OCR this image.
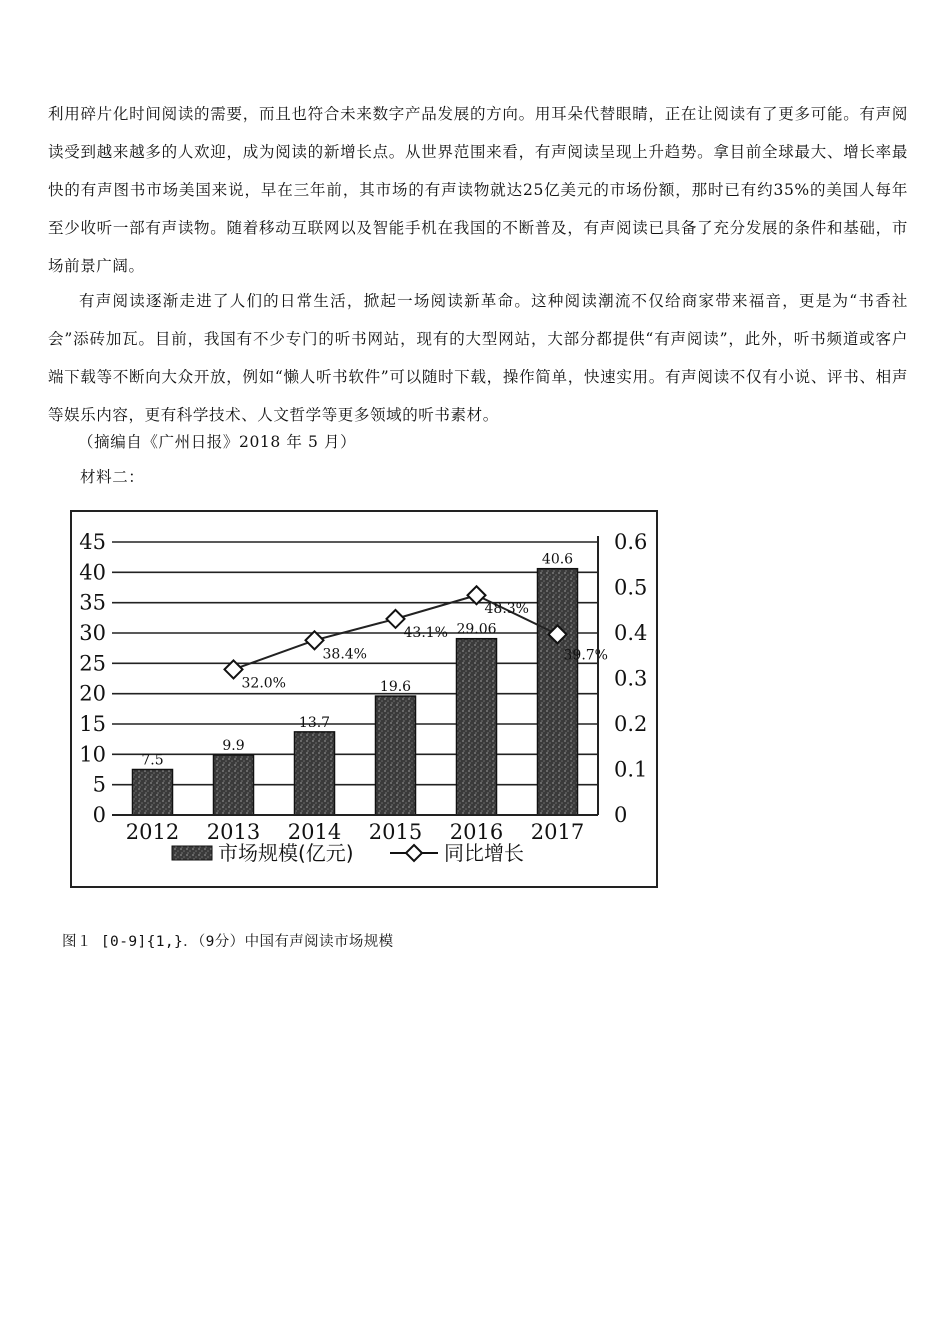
利用碎片化时间阅读的需要，而且也符合未来数字产品发展的方向。用耳朵代替眼睛，正在让阅读有了更多可能。有声阅读受到越来越多的人欢迎，成为阅读的新增长点。从世界范围来看，有声阅读呈现上升趋势。拿目前全球最大、增长率最快的有声图书市场美国来说，早在三年前，其市场的有声读物就达25亿美元的市场份额，那时已有约35%的美国人每年至少收听一部有声读物。随着移动互联网以及智能手机在我国的不断普及，有声阅读已具备了充分发展的条件和基础，市场前景广阔。

有声阅读逐渐走进了人们的日常生活，掀起一场阅读新革命。这种阅读潮流不仅给商家带来福音，更是为“书香社会”添砖加瓦。目前，我国有不少专门的听书网站，现有的大型网站，大部分都提供“有声阅读”，此外，听书频道或客户端下载等不断向大众开放，例如“懒人听书软件”可以随时下载，操作简单，快速实用。有声阅读不仅有小说、评书、相声等娱乐内容，更有科学技术、人文哲学等更多领域的听书素材。

（摘编自《广州日报》2018 年 5 月）

材料二：

7.5
9.9
13.7
19.6
29.06
40.6
32.0%
38.4%
43.1%
48.3%
39.7%
0
5
10
15
20
25
30
35
40
45
0
0.1
0.2
0.3
0.4
0.5
0.6
2012 2013 2014 2015 2016 2017
市场规模(亿元)	同比增长

图１ [0-9]{1,}．（9分）中国有声阅读市场规模
